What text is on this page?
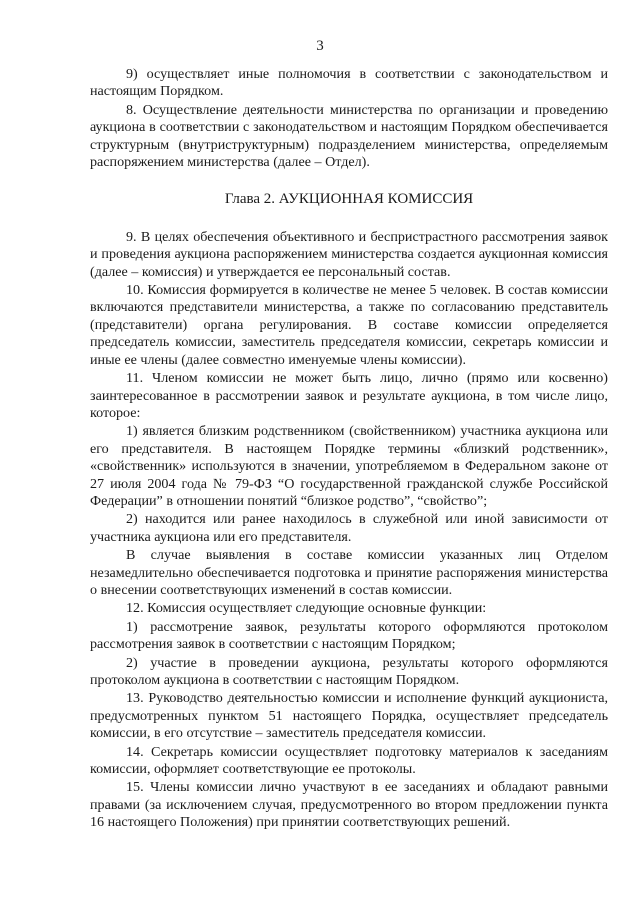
3

9) осуществляет иные полномочия в соответствии с законодательством и настоящим Порядком.

8. Осуществление деятельности министерства по организации и проведению аукциона в соответствии с законодательством и настоящим Порядком обеспечивается структурным (внутриструктурным) подразделением министерства, определяемым распоряжением министерства (далее – Отдел).

Глава 2. АУКЦИОННАЯ КОМИССИЯ

9. В целях обеспечения объективного и беспристрастного рассмотрения заявок и проведения аукциона распоряжением министерства создается аукционная комиссия (далее – комиссия) и утверждается ее персональный состав.

10. Комиссия формируется в количестве не менее 5 человек. В состав комиссии включаются представители министерства, а также по согласованию представитель (представители) органа регулирования. В составе комиссии определяется председатель комиссии, заместитель председателя комиссии, секретарь комиссии и иные ее члены (далее совместно именуемые члены комиссии).

11. Членом комиссии не может быть лицо, лично (прямо или косвенно) заинтересованное в рассмотрении заявок и результате аукциона, в том числе лицо, которое:

1) является близким родственником (свойственником) участника аукциона или его представителя. В настоящем Порядке термины «близкий родственник», «свойственник» используются в значении, употребляемом в Федеральном законе от 27 июля 2004 года № 79-ФЗ “О государственной гражданской службе Российской Федерации” в отношении понятий “близкое родство”, “свойство”;

2) находится или ранее находилось в служебной или иной зависимости от участника аукциона или его представителя.

В случае выявления в составе комиссии указанных лиц Отделом незамедлительно обеспечивается подготовка и принятие распоряжения министерства о внесении соответствующих изменений в состав комиссии.

12. Комиссия осуществляет следующие основные функции:

1) рассмотрение заявок, результаты которого оформляются протоколом рассмотрения заявок в соответствии с настоящим Порядком;

2) участие в проведении аукциона, результаты которого оформляются протоколом аукциона в соответствии с настоящим Порядком.

13. Руководство деятельностью комиссии и исполнение функций аукциониста, предусмотренных пунктом 51 настоящего Порядка, осуществляет председатель комиссии, в его отсутствие – заместитель председателя комиссии.

14. Секретарь комиссии осуществляет подготовку материалов к заседаниям комиссии, оформляет соответствующие ее протоколы.

15. Члены комиссии лично участвуют в ее заседаниях и обладают равными правами (за исключением случая, предусмотренного во втором предложении пункта 16 настоящего Положения) при принятии соответствующих решений.
